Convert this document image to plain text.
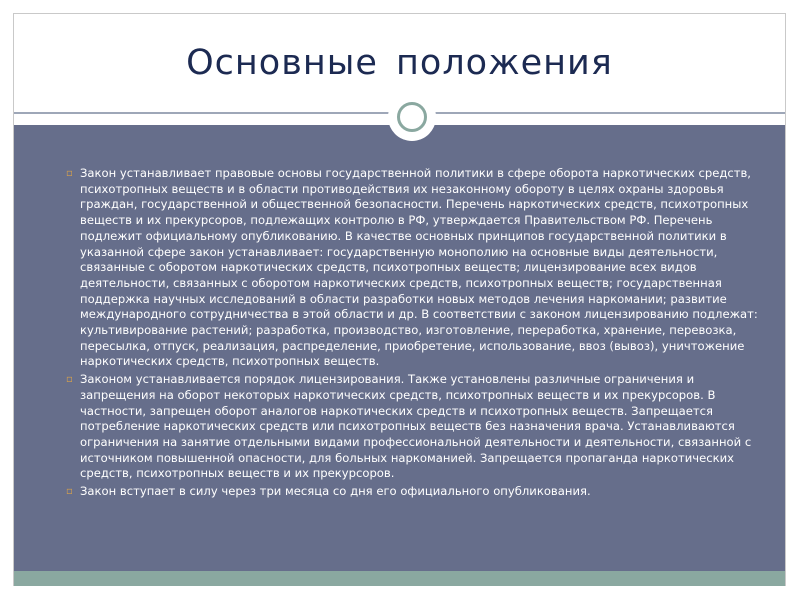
Основные положения
▫ Закон устанавливает правовые основы государственной политики в сфере оборота наркотических средств, психотропных веществ и в области противодействия их незаконному обороту в целях охраны здоровья граждан, государственной и общественной безопасности. Перечень наркотических средств, психотропных веществ и их прекурсоров, подлежащих контролю в РФ, утверждается Правительством РФ. Перечень подлежит официальному опубликованию. В качестве основных принципов государственной политики в указанной сфере закон устанавливает: государственную монополию на основные виды деятельности, связанные с оборотом наркотических средств, психотропных веществ; лицензирование всех видов деятельности, связанных с оборотом наркотических средств, психотропных веществ; государственная поддержка научных исследований в области разработки новых методов лечения наркомании; развитие международного сотрудничества в этой области и др. В соответствии с законом лицензированию подлежат: культивирование растений; разработка, производство, изготовление, переработка, хранение, перевозка, пересылка, отпуск, реализация, распределение, приобретение, использование, ввоз (вывоз), уничтожение наркотических средств, психотропных веществ.
▫ Законом устанавливается порядок лицензирования. Также установлены различные ограничения и запрещения на оборот некоторых наркотических средств, психотропных веществ и их прекурсоров. В частности, запрещен оборот аналогов наркотических средств и психотропных веществ. Запрещается потребление наркотических средств или психотропных веществ без назначения врача. Устанавливаются ограничения на занятие отдельными видами профессиональной деятельности и деятельности, связанной с источником повышенной опасности, для больных наркоманией. Запрещается пропаганда наркотических средств, психотропных веществ и их прекурсоров.
▫ Закон вступает в силу через три месяца со дня его официального опубликования.
